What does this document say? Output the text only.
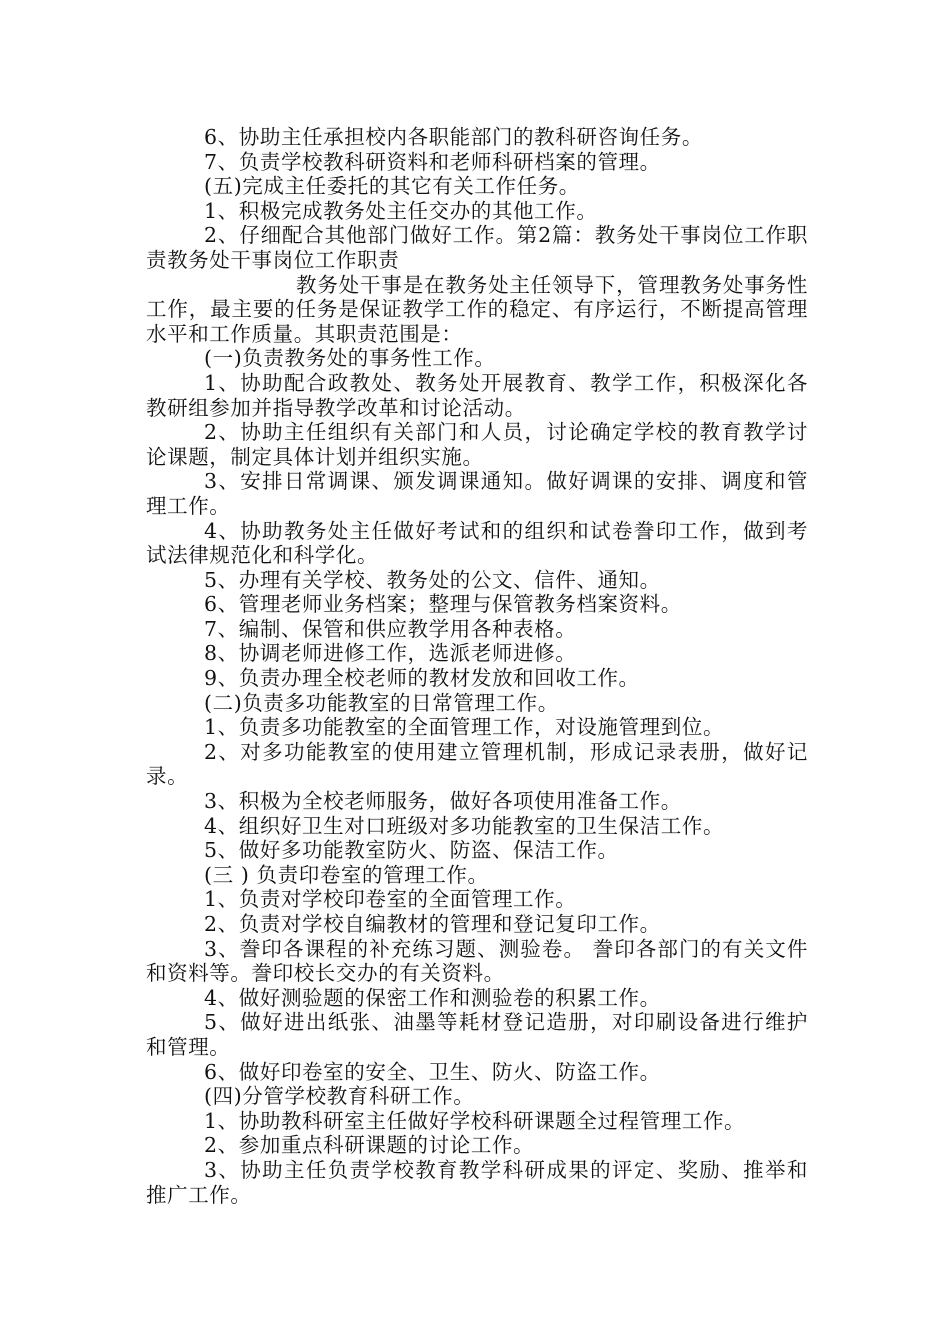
6、协助主任承担校内各职能部门的教科研咨询任务。

7、负责学校教科研资料和老师科研档案的管理。

(五)完成主任委托的其它有关工作任务。

1、积极完成教务处主任交办的其他工作。

2、仔细配合其他部门做好工作。第2篇：教务处干事岗位工作职责教务处干事岗位工作职责

教务处干事是在教务处主任领导下，管理教务处事务性工作，最主要的任务是保证教学工作的稳定、有序运行，不断提高管理水平和工作质量。其职责范围是：

(一)负责教务处的事务性工作。

1、协助配合政教处、教务处开展教育、教学工作，积极深化各教研组参加并指导教学改革和讨论活动。

2、协助主任组织有关部门和人员，讨论确定学校的教育教学讨论课题，制定具体计划并组织实施。

3、安排日常调课、颁发调课通知。做好调课的安排、调度和管理工作。

4、协助教务处主任做好考试和的组织和试卷誊印工作，做到考试法律规范化和科学化。

5、办理有关学校、教务处的公文、信件、通知。

6、管理老师业务档案；整理与保管教务档案资料。

7、编制、保管和供应教学用各种表格。

8、协调老师进修工作，选派老师进修。

9、负责办理全校老师的教材发放和回收工作。

(二)负责多功能教室的日常管理工作。

1、负责多功能教室的全面管理工作，对设施管理到位。

2、对多功能教室的使用建立管理机制，形成记录表册，做好记录。

3、积极为全校老师服务，做好各项使用准备工作。

4、组织好卫生对口班级对多功能教室的卫生保洁工作。

5、做好多功能教室防火、防盗、保洁工作。

(三 ) 负责印卷室的管理工作。

1、负责对学校印卷室的全面管理工作。

2、负责对学校自编教材的管理和登记复印工作。

3、誊印各课程的补充练习题、测验卷。 誊印各部门的有关文件和资料等。誊印校长交办的有关资料。

4、做好测验题的保密工作和测验卷的积累工作。

5、做好进出纸张、油墨等耗材登记造册，对印刷设备进行维护和管理。

6、做好印卷室的安全、卫生、防火、防盗工作。

(四)分管学校教育科研工作。

1、协助教科研室主任做好学校科研课题全过程管理工作。

2、参加重点科研课题的讨论工作。

3、协助主任负责学校教育教学科研成果的评定、奖励、推举和推广工作。
